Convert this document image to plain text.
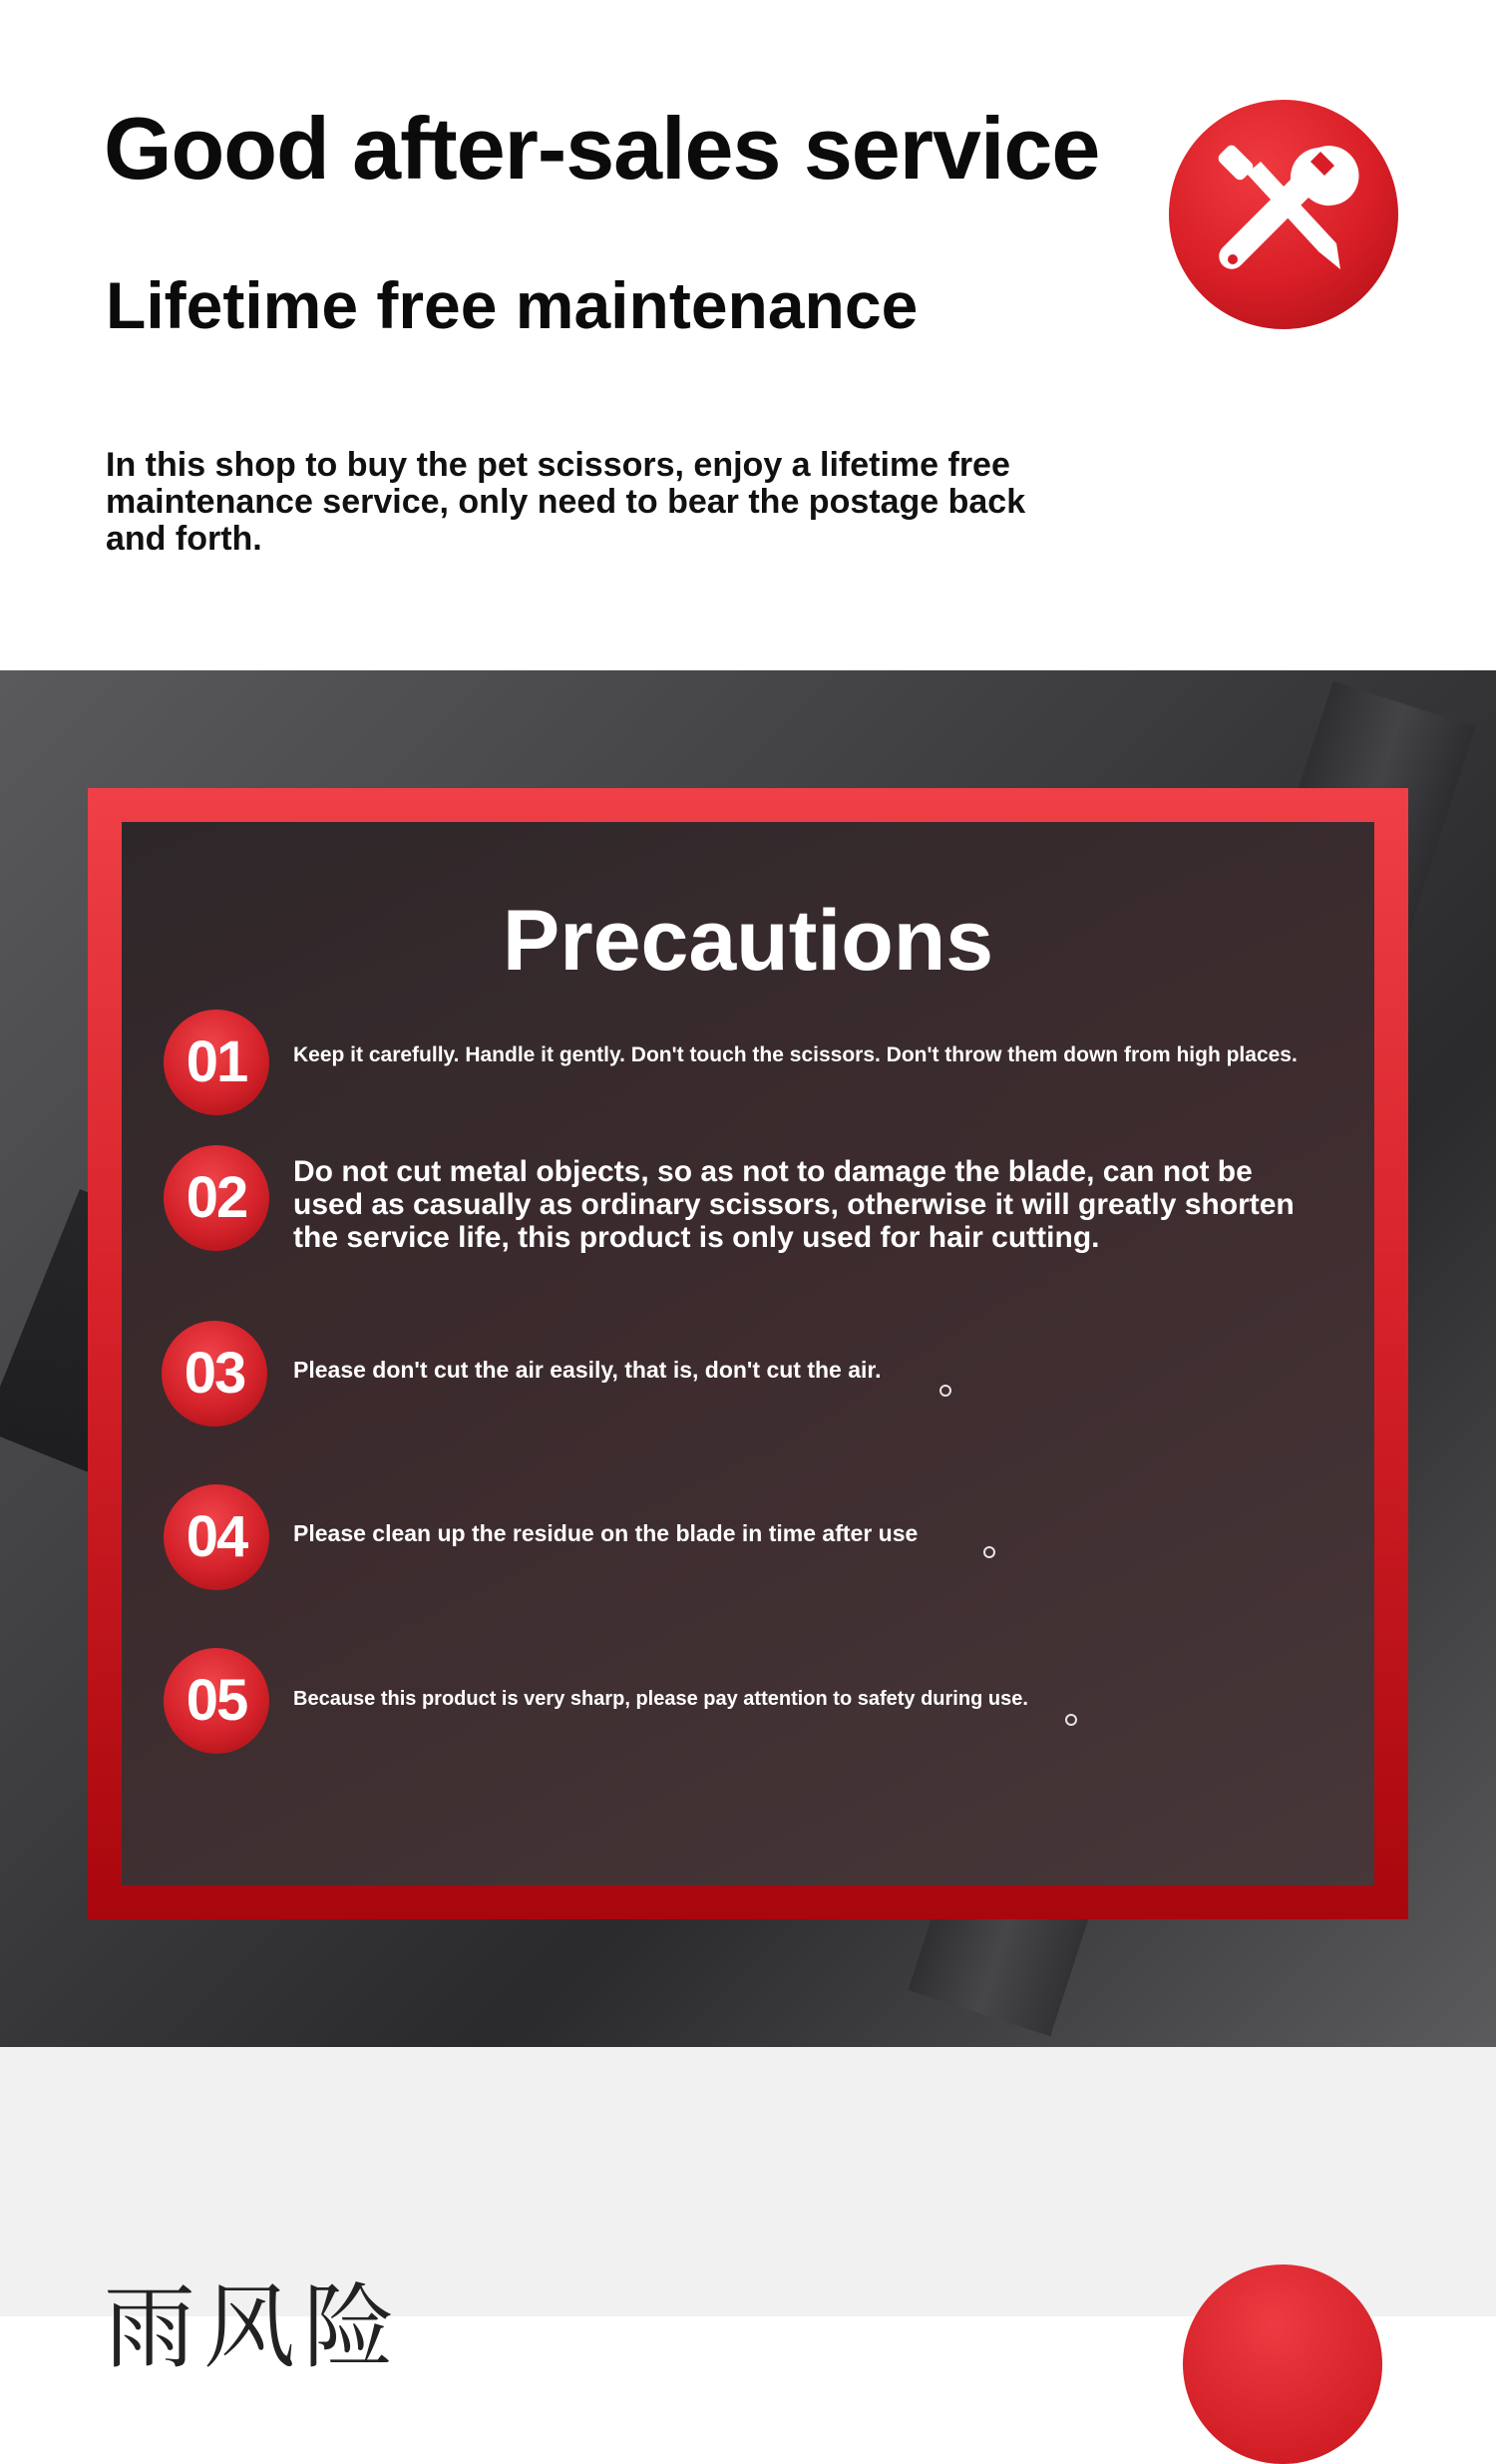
Good after-sales service
Lifetime free maintenance
In this shop to buy the pet scissors, enjoy a lifetime free maintenance service, only need to bear the postage back and forth.
Precautions
01	Keep it carefully. Handle it gently. Don't touch the scissors. Don't throw them down from high places.
02	Do not cut metal objects, so as not to damage the blade, can not be used as casually as ordinary scissors, otherwise it will greatly shorten the service life, this product is only used for hair cutting.
03	Please don't cut the air easily, that is, don't cut the air.
04	Please clean up the residue on the blade in time after use
05	Because this product is very sharp, please pay attention to safety during use.
雨风险
